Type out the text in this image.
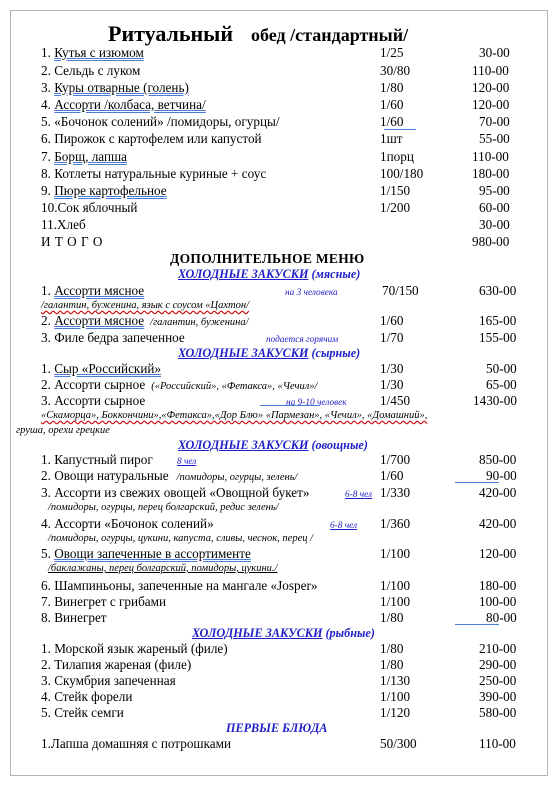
Ритуальный обед /стандартный/
1. Кутья с изюмом	1/25	30-00
2. Сельдь с луком	30/80	110-00
3. Куры отварные (голень)	1/80	120-00
4. Ассорти /колбаса, ветчина/	1/60	120-00
5. «Бочонок солений» /помидоры, огурцы/	1/60	70-00
6. Пирожок с картофелем или капустой	1шт	55-00
7. Борщ, лапша	1порц	110-00
8. Котлеты натуральные куриные + соус	100/180	180-00
9. Пюре картофельное	1/150	95-00
10.Сок яблочный	1/200	60-00
11.Хлеб	30-00
И Т О Г О	980-00
ДОПОЛНИТЕЛЬНОЕ МЕНЮ
ХОЛОДНЫЕ ЗАКУСКИ (мясные)
1. Ассорти мясное	на 3 человека	70/150	630-00
/галантин, буженина, язык с соусом «Цахтон/
2. Ассорти мясное /галантин, буженина/	1/60	165-00
3. Филе бедра запеченное	подается горячим	1/70	155-00
ХОЛОДНЫЕ ЗАКУСКИ (сырные)
1. Сыр «Российский»	1/30	50-00
2. Ассорти сырное («Российский», «Фетакса», «Чечил»/	1/30	65-00
3. Ассорти сырное	на 9-10 человек	1/450	1430-00
«Скаморца», Боккончини»,«Фетакса»,«Дор Блю» «Пармезан», «Чечил», «Домашний»,
груша, орехи грецкие
ХОЛОДНЫЕ ЗАКУСКИ (овощные)
1. Капустный пирог	8 чел	1/700	850-00
2. Овощи натуральные /помидоры, огурцы, зелень/	1/60	90-00
3. Ассорти из свежих овощей «Овощной букет»	6-8 чел 1/330	420-00
/помидоры, огурцы, перец болгарский, редис зелень/
4. Ассорти «Бочонок солений»	6-8 чел 1/360	420-00
/помидоры, огурцы, цукини, капуста, сливы, чеснок, перец /
5. Овощи запеченные в ассортименте	1/100	120-00
/баклажаны, перец болгарский, помидоры, цукини./
6. Шампиньоны, запеченные на мангале «Josper»	1/100	180-00
7. Винегрет с грибами	1/100	100-00
8. Винегрет	1/80	80-00
ХОЛОДНЫЕ ЗАКУСКИ (рыбные)
1. Морской язык жареный (филе)	1/80	210-00
2. Тилапия жареная (филе)	1/80	290-00
3. Скумбрия запеченная	1/130	250-00
4. Стейк форели	1/100	390-00
5. Стейк семги	1/120	580-00
ПЕРВЫЕ БЛЮДА
1.Лапша домашняя с потрошками	50/300	110-00
